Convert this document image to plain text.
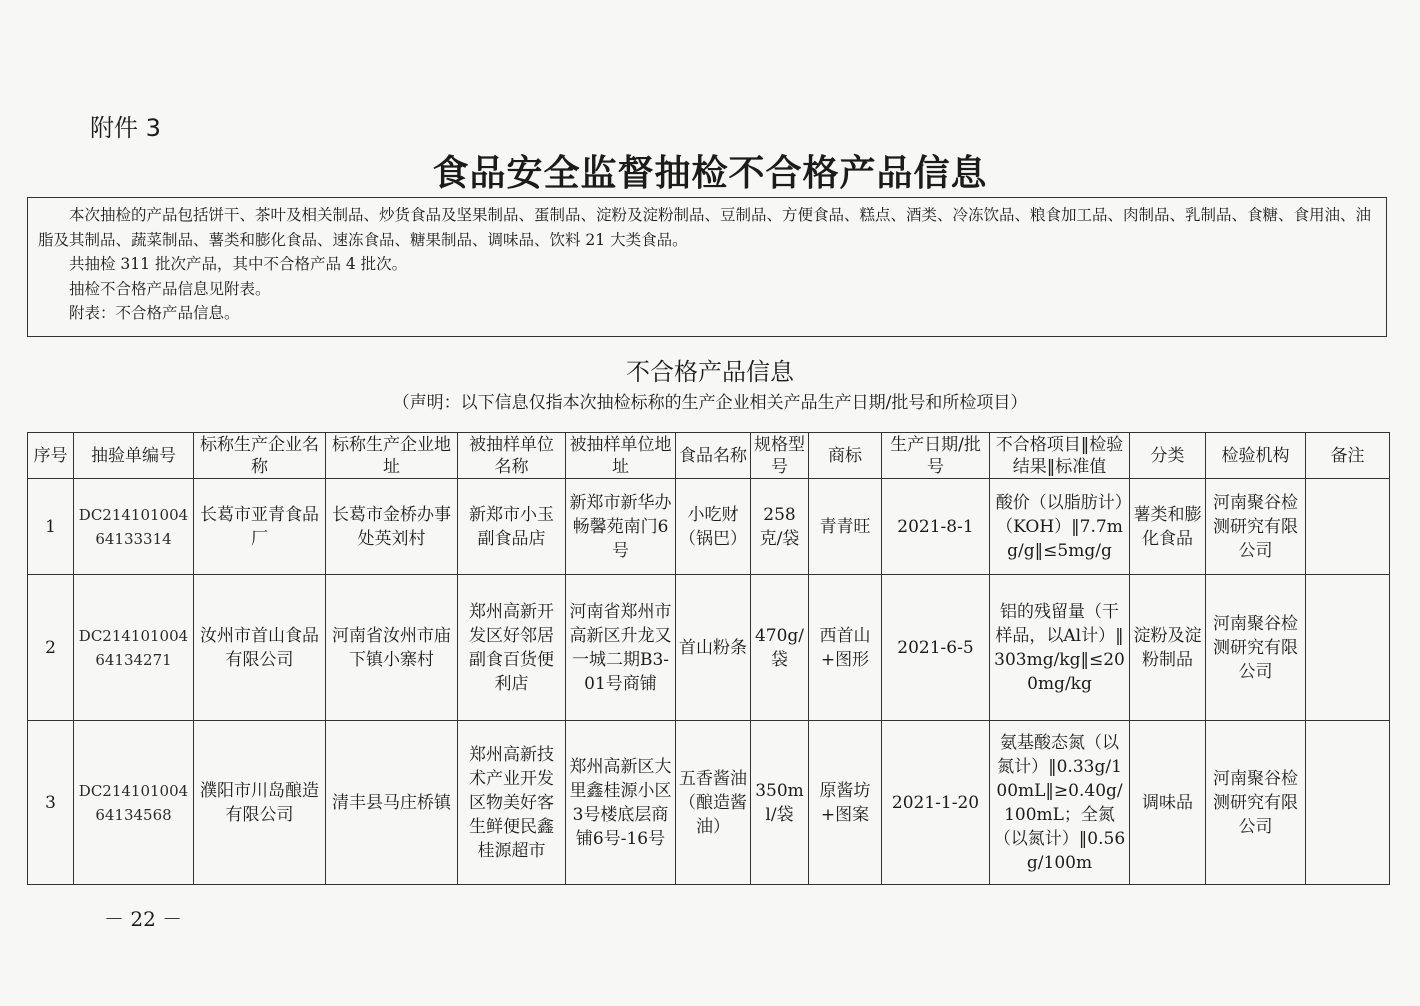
附件 3
食品安全监督抽检不合格产品信息

本次抽检的产品包括饼干、茶叶及相关制品、炒货食品及坚果制品、蛋制品、淀粉及淀粉制品、豆制品、方便食品、糕点、酒类、冷冻饮品、粮食加工品、肉制品、乳制品、食糖、食用油、油脂及其制品、蔬菜制品、薯类和膨化食品、速冻食品、糖果制品、调味品、饮料 21 大类食品。

共抽检 311 批次产品，其中不合格产品 4 批次。

抽检不合格产品信息见附表。

附表：不合格产品信息。

不合格产品信息
（声明：以下信息仅指本次抽检标称的生产企业相关产品生产日期/批号和所检项目）
序号	抽验单编号	标称生产企业名称	标称生产企业地址	被抽样单位名称	被抽样单位地址	食品名称	规格型号	商标	生产日期/批号	不合格项目‖检验结果‖标准值	分类	检验机构	备注
1	DC21410100464133314	长葛市亚青食品厂	长葛市金桥办事处英刘村	新郑市小玉副食品店	新郑市新华办畅馨苑南门6号	小吃财（锅巴）	258克/袋	青青旺	2021-8-1	酸价（以脂肪计）（KOH）‖7.7mg/g‖≤5mg/g	薯类和膨化食品	河南聚谷检测研究有限公司	
2	DC21410100464134271	汝州市首山食品有限公司	河南省汝州市庙下镇小寨村	郑州高新开发区好邻居副食百货便利店	河南省郑州市高新区升龙又一城二期B3-01号商铺	首山粉条	470g/袋	西首山+图形	2021-6-5	铝的残留量（干样品，以Al计）‖303mg/kg‖≤200mg/kg	淀粉及淀粉制品	河南聚谷检测研究有限公司	
3	DC21410100464134568	濮阳市川岛酿造有限公司	清丰县马庄桥镇	郑州高新技术产业开发区物美好客生鲜便民鑫桂源超市	郑州高新区大里鑫桂源小区3号楼底层商铺6号-16号	五香酱油（酿造酱油）	350ml/袋	原酱坊+图案	2021-1-20	氨基酸态氮（以氮计）‖0.33g/100mL‖≥0.40g/100mL；全氮（以氮计）‖0.56g/100m	调味品	河南聚谷检测研究有限公司	
－ 22 －
